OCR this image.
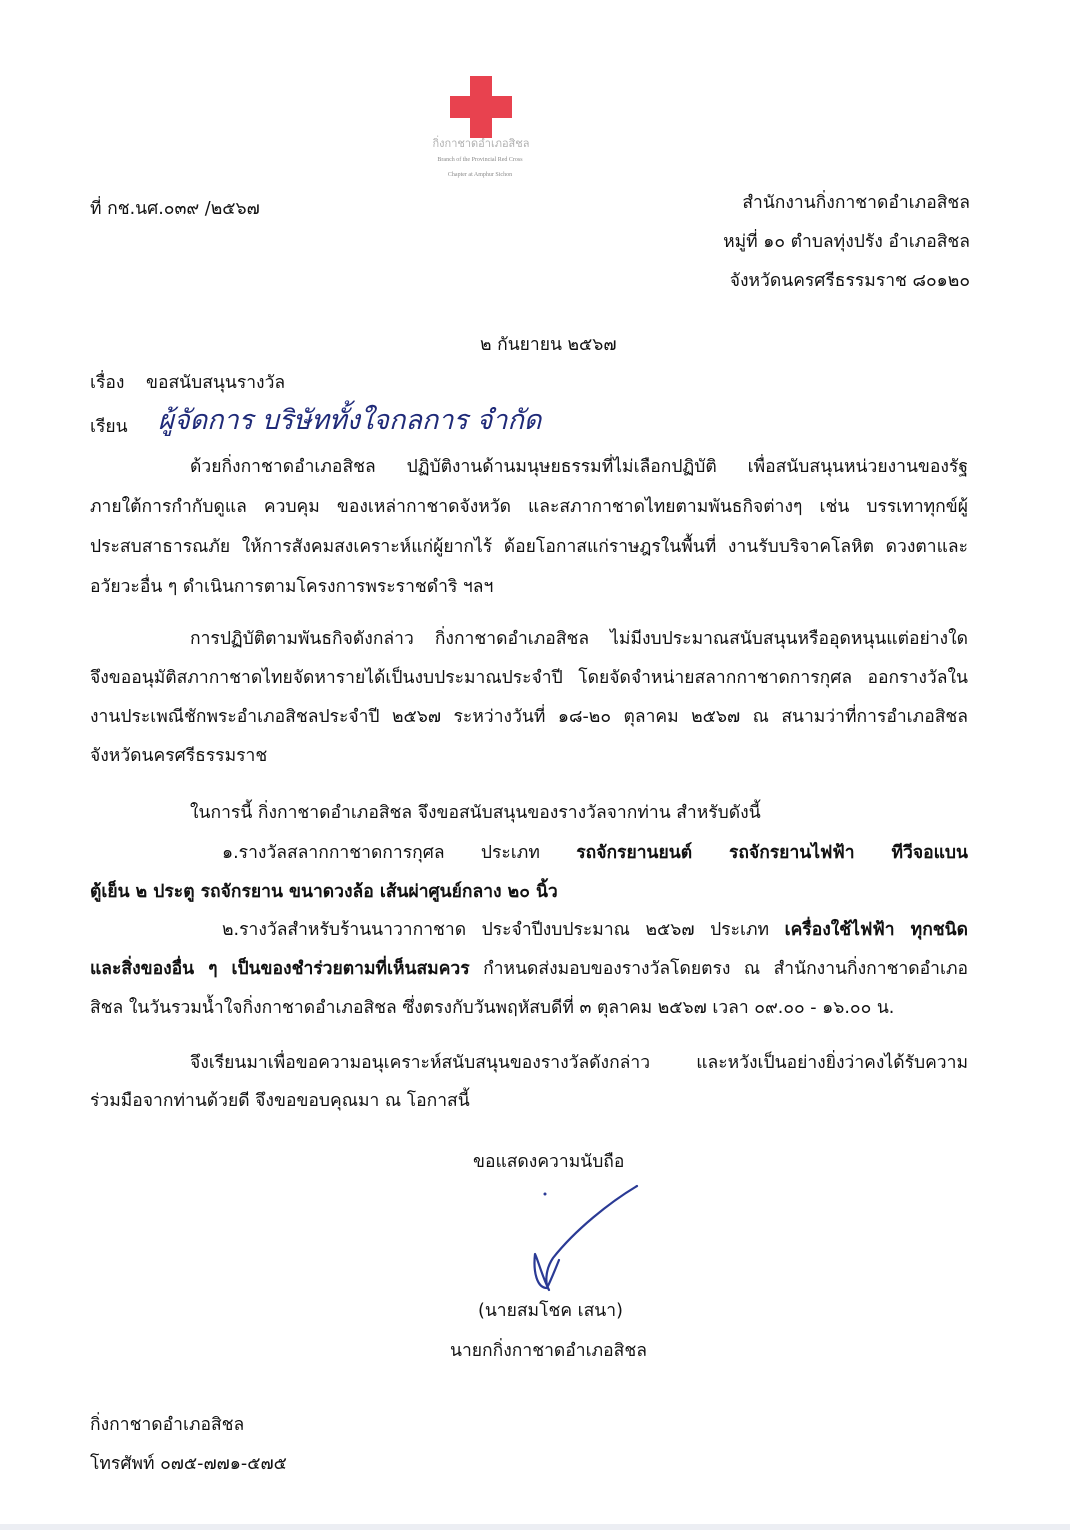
กิ่งกาชาดอำเภอสิชล
Branch of the Provincial Red Cross
Chapter at Amphur Sichon
ที่ กช.นศ.๐๓๙ /๒๕๖๗	สำนักงานกิ่งกาชาดอำเภอสิชล
หมู่ที่ ๑๐ ตำบลทุ่งปรัง อำเภอสิชล
จังหวัดนครศรีธรรมราช ๘๐๑๒๐
๒ กันยายน ๒๕๖๗
เรื่อง ขอสนับสนุนรางวัล
เรียน ผู้จัดการ บริษัททั้งใจกลการ จำกัด
ด้วยกิ่งกาชาดอำเภอสิชล ปฏิบัติงานด้านมนุษยธรรมที่ไม่เลือกปฏิบัติ เพื่อสนับสนุนหน่วยงานของรัฐ
ภายใต้การกำกับดูแล ควบคุม ของเหล่ากาชาดจังหวัด และสภากาชาดไทยตามพันธกิจต่างๆ เช่น บรรเทาทุกข์ผู้
ประสบสาธารณภัย ให้การสังคมสงเคราะห์แก่ผู้ยากไร้ ด้อยโอกาสแก่ราษฎรในพื้นที่ งานรับบริจาคโลหิต ดวงตาและ
อวัยวะอื่น ๆ ดำเนินการตามโครงการพระราชดำริ ฯลฯ
การปฏิบัติตามพันธกิจดังกล่าว กิ่งกาชาดอำเภอสิชล ไม่มีงบประมาณสนับสนุนหรืออุดหนุนแต่อย่างใด
จึงขออนุมัติสภากาชาดไทยจัดหารายได้เป็นงบประมาณประจำปี โดยจัดจำหน่ายสลากกาชาดการกุศล ออกรางวัลใน
งานประเพณีชักพระอำเภอสิชลประจำปี ๒๕๖๗ ระหว่างวันที่ ๑๘-๒๐ ตุลาคม ๒๕๖๗ ณ สนามว่าที่การอำเภอสิชล
จังหวัดนครศรีธรรมราช
ในการนี้ กิ่งกาชาดอำเภอสิชล จึงขอสนับสนุนของรางวัลจากท่าน สำหรับดังนี้
๑.รางวัลสลากกาชาดการกุศล ประเภท รถจักรยานยนต์ รถจักรยานไฟฟ้า ทีวีจอแบน
ตู้เย็น ๒ ประตู รถจักรยาน ขนาดวงล้อ เส้นผ่าศูนย์กลาง ๒๐ นิ้ว
๒.รางวัลสำหรับร้านนาวากาชาด ประจำปีงบประมาณ ๒๕๖๗ ประเภท เครื่องใช้ไฟฟ้า ทุกชนิด
และสิ่งของอื่น ๆ เป็นของชำร่วยตามที่เห็นสมควร กำหนดส่งมอบของรางวัลโดยตรง ณ สำนักงานกิ่งกาชาดอำเภอ
สิชล ในวันรวมน้ำใจกิ่งกาชาดอำเภอสิชล ซึ่งตรงกับวันพฤหัสบดีที่ ๓ ตุลาคม ๒๕๖๗ เวลา ๐๙.๐๐ - ๑๖.๐๐ น.
จึงเรียนมาเพื่อขอความอนุเคราะห์สนับสนุนของรางวัลดังกล่าว และหวังเป็นอย่างยิ่งว่าคงได้รับความ
ร่วมมือจากท่านด้วยดี จึงขอขอบคุณมา ณ โอกาสนี้
ขอแสดงความนับถือ
(นายสมโชค เสนา)
นายกกิ่งกาชาดอำเภอสิชล
กิ่งกาชาดอำเภอสิชล
โทรศัพท์ ๐๗๕-๗๗๑-๕๗๕
